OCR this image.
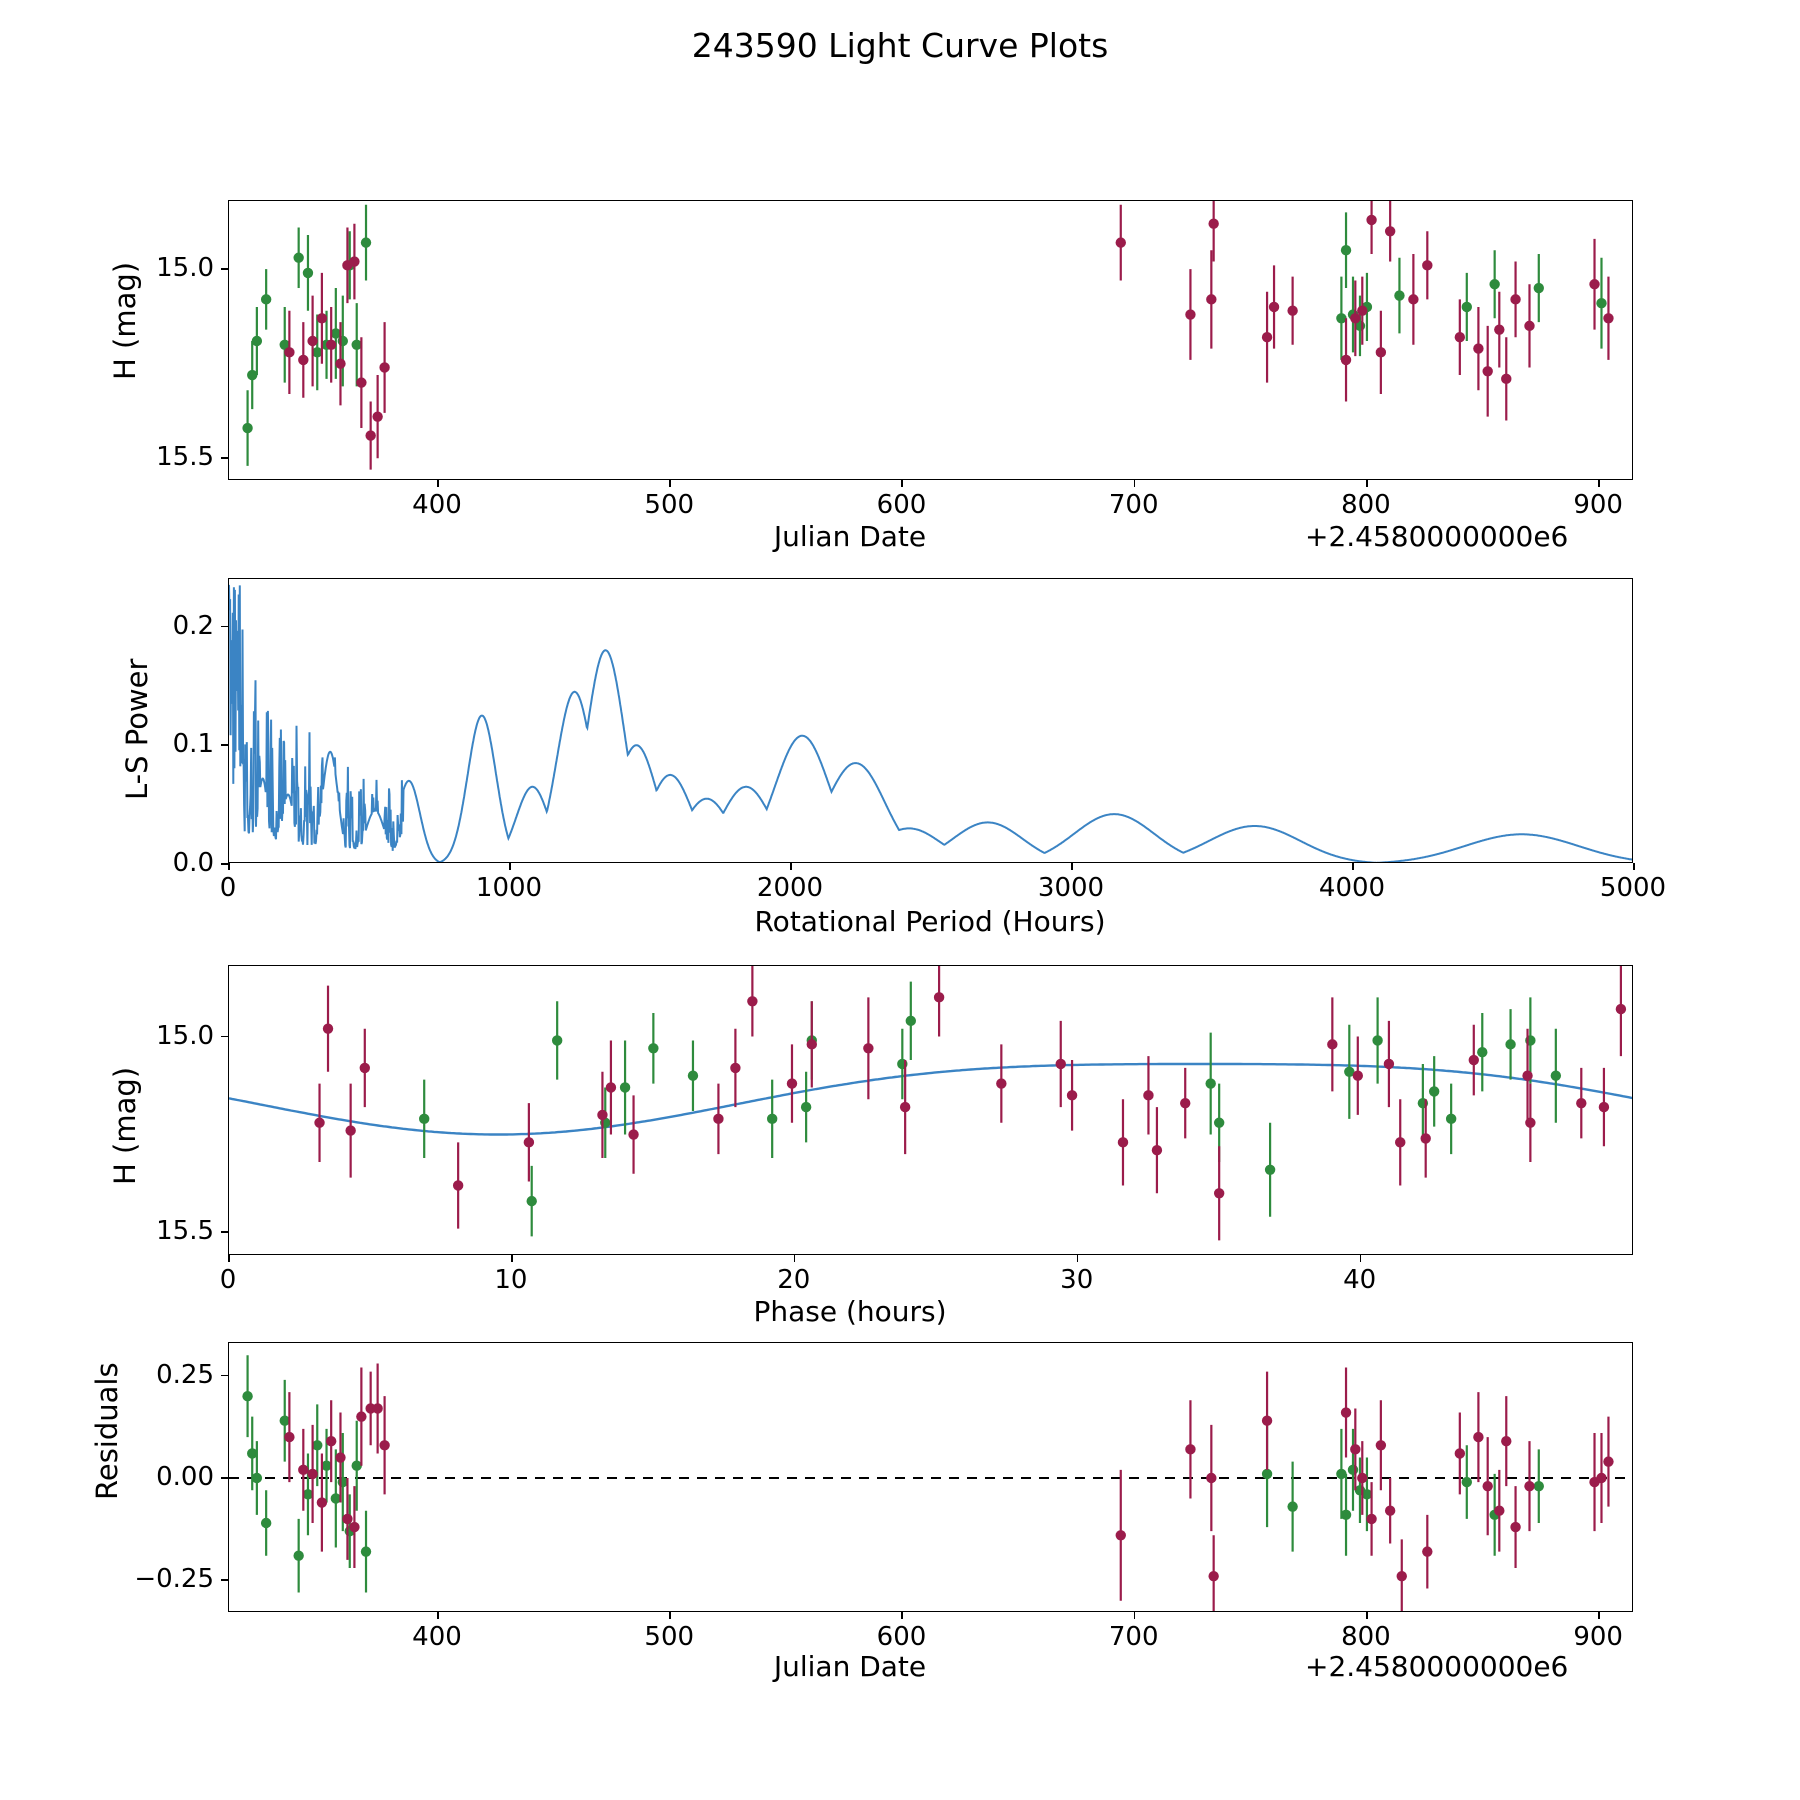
243590 Light Curve Plots
H (mag)
400	500	600	700	800	900
15.0
15.5
Julian Date	+2.4580000000e6
L-S Power
0	1000	2000	3000	4000	5000
0.0
0.1
0.2
Rotational Period (Hours)
H (mag)
0	10	20	30	40
15.0
15.5
Phase (hours)
Residuals
400	500	600	700	800	900
−0.25
0.00
0.25
Julian Date	+2.4580000000e6
